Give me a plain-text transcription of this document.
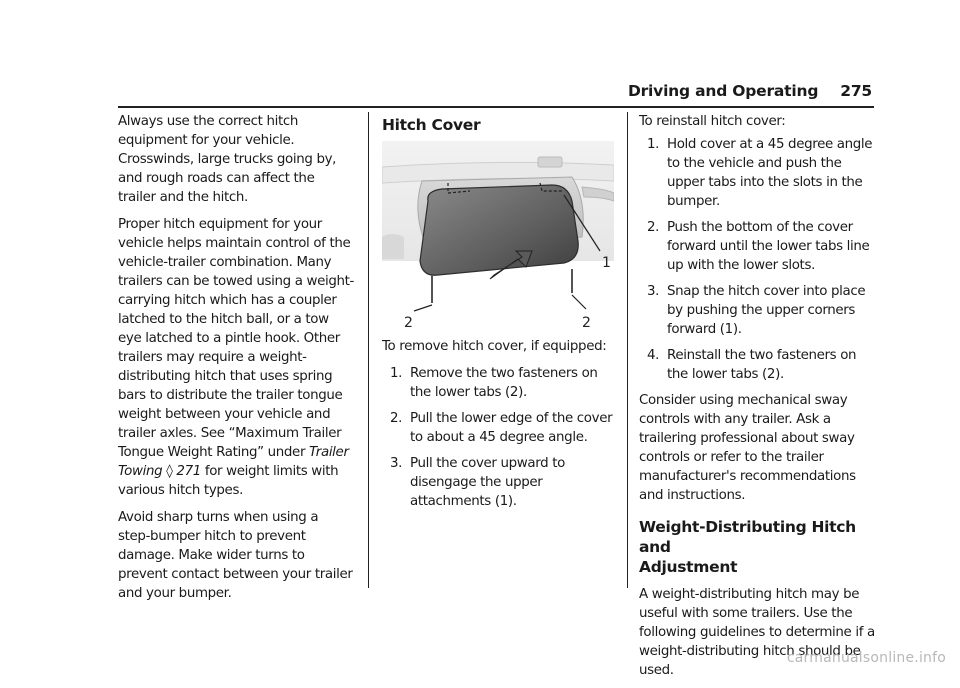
Driving and Operating 275

Always use the correct hitch equipment for your vehicle. Crosswinds, large trucks going by, and rough roads can affect the trailer and the hitch.

Proper hitch equipment for your vehicle helps maintain control of the vehicle-trailer combination. Many trailers can be towed using a weight-carrying hitch which has a coupler latched to the hitch ball, or a tow eye latched to a pintle hook. Other trailers may require a weight-distributing hitch that uses spring bars to distribute the trailer tongue weight between your vehicle and trailer axles. See “Maximum Trailer Tongue Weight Rating” under Trailer Towing ◊ 271 for weight limits with various hitch types.

Avoid sharp turns when using a step-bumper hitch to prevent damage. Make wider turns to prevent contact between your trailer and your bumper.

Hitch Cover
1
2	2

To remove hitch cover, if equipped:

1. Remove the two fasteners on the lower tabs (2).
2. Pull the lower edge of the cover to about a 45 degree angle.
3. Pull the cover upward to disengage the upper attachments (1).

To reinstall hitch cover:

1. Hold cover at a 45 degree angle to the vehicle and push the upper tabs into the slots in the bumper.
2. Push the bottom of the cover forward until the lower tabs line up with the lower slots.
3. Snap the hitch cover into place by pushing the upper corners forward (1).
4. Reinstall the two fasteners on the lower tabs (2).

Consider using mechanical sway controls with any trailer. Ask a trailering professional about sway controls or refer to the trailer manufacturer's recommendations and instructions.

Weight-Distributing Hitch and
Adjustment

A weight-distributing hitch may be useful with some trailers. Use the following guidelines to determine if a weight-distributing hitch should be used.

carmanualsonline.info
